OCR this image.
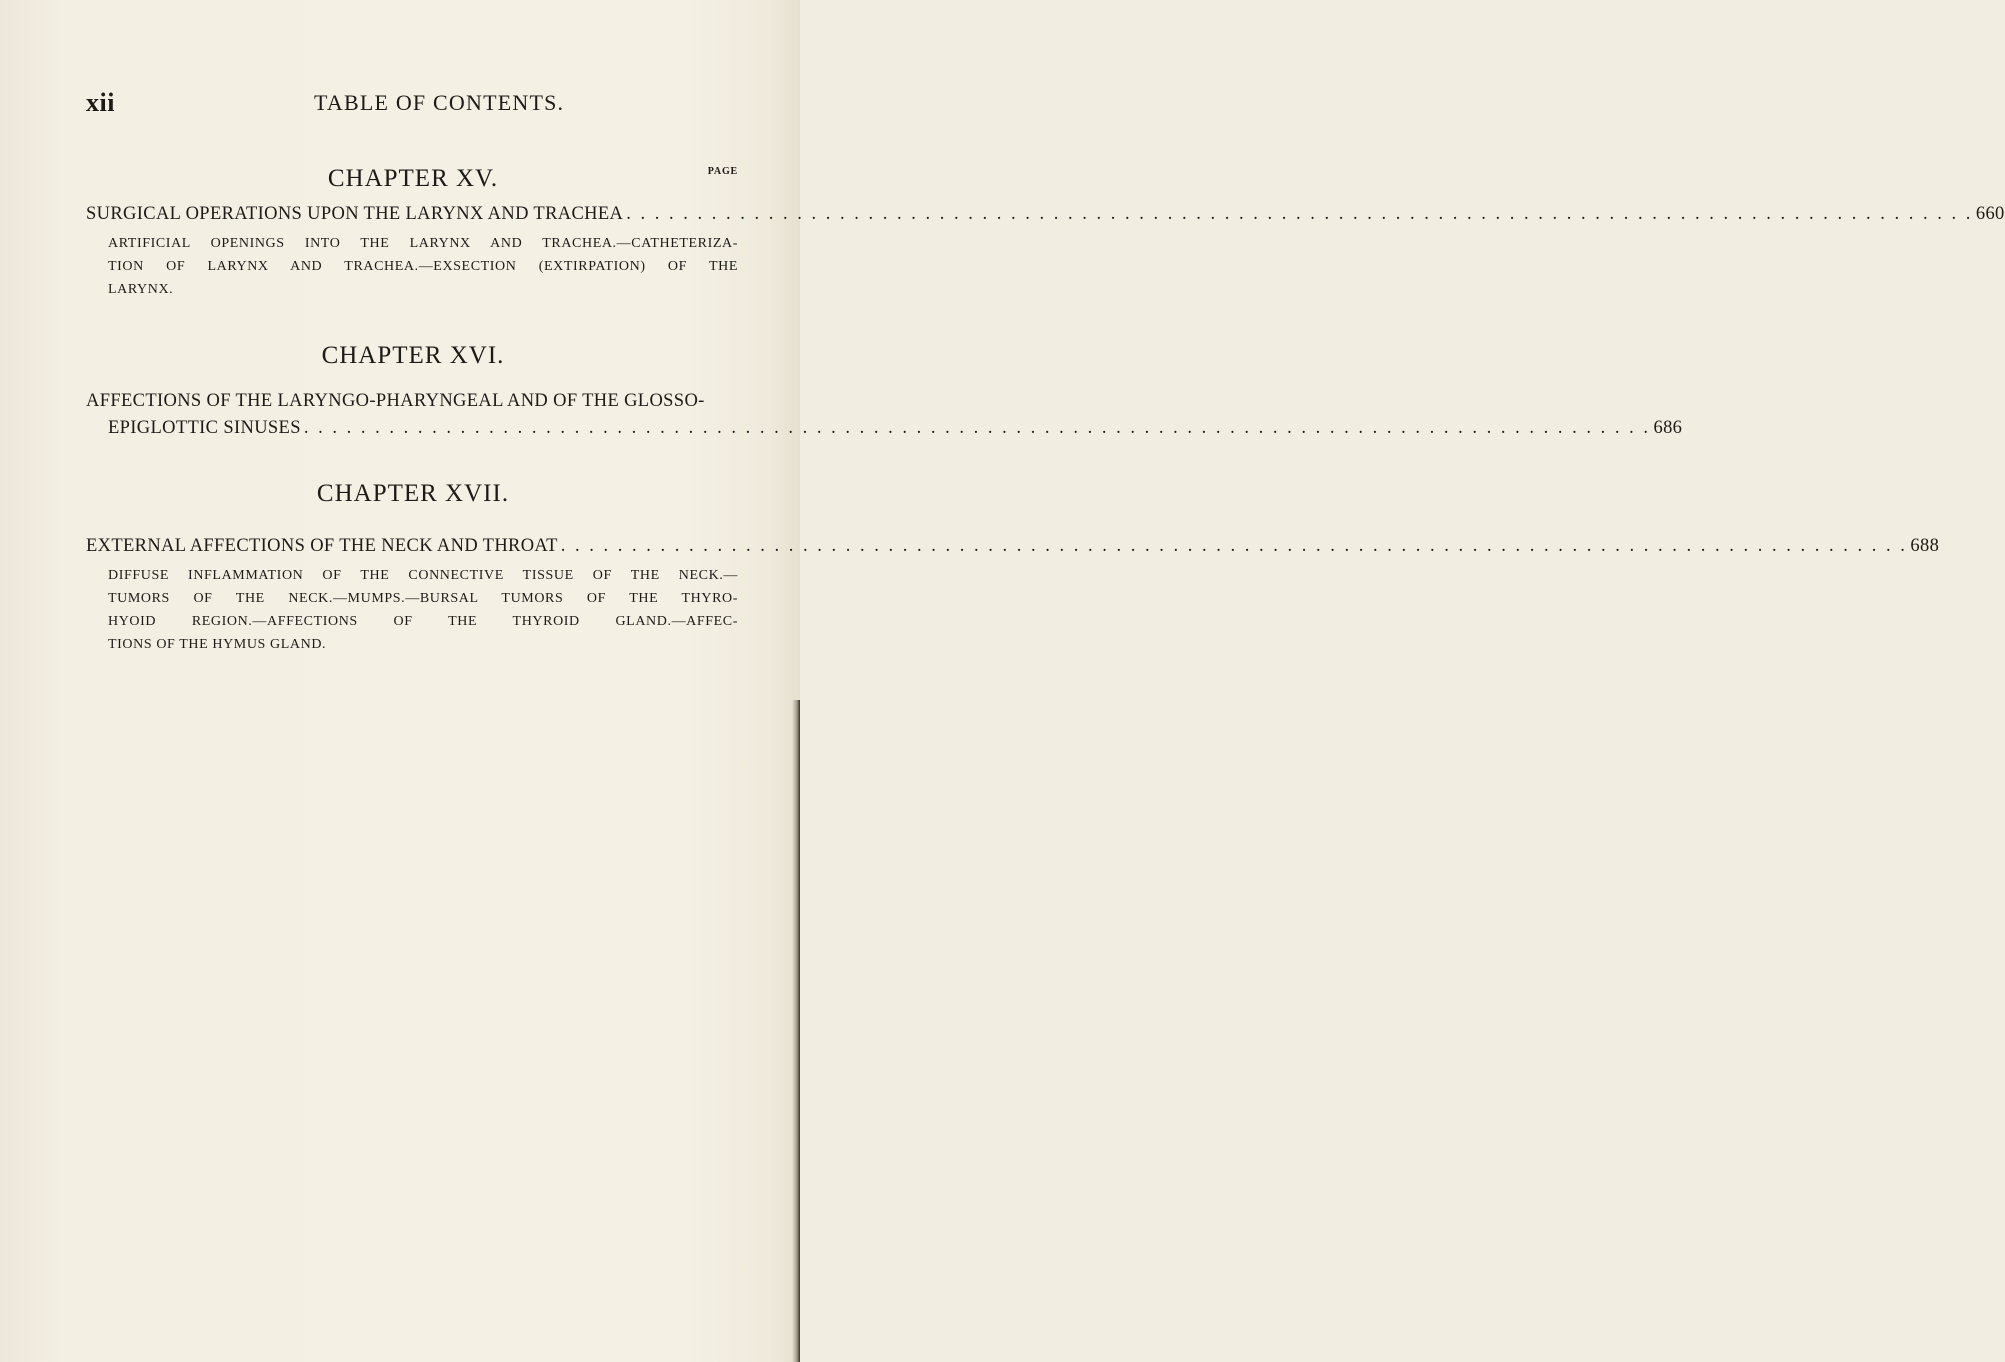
xii	TABLE OF CONTENTS.
CHAPTER XV.	PAGE
SURGICAL OPERATIONS UPON THE LARYNX AND TRACHEA . . . . . . . . . . . . . . . . . . . . . . . . . . . . . . . . . . . . . . . . . . . . . . . . . . . . . . . . . . . . . . . . . . . . . . . . . . . . . . . . . . . . . . . . . . . . . . . 660
ARTIFICIAL OPENINGS INTO THE LARYNX AND TRACHEA.—CATHETERIZA-
TION OF LARYNX AND TRACHEA.—EXSECTION (EXTIRPATION) OF THE
LARYNX.
CHAPTER XVI.
AFFECTIONS OF THE LARYNGO-PHARYNGEAL AND OF THE GLOSSO-
EPIGLOTTIC SINUSES . . . . . . . . . . . . . . . . . . . . . . . . . . . . . . . . . . . . . . . . . . . . . . . . . . . . . . . . . . . . . . . . . . . . . . . . . . . . . . . . . . . . . . . . . . . . . . . 686
CHAPTER XVII.
EXTERNAL AFFECTIONS OF THE NECK AND THROAT . . . . . . . . . . . . . . . . . . . . . . . . . . . . . . . . . . . . . . . . . . . . . . . . . . . . . . . . . . . . . . . . . . . . . . . . . . . . . . . . . . . . . . . . . . . . . . . 688
DIFFUSE INFLAMMATION OF THE CONNECTIVE TISSUE OF THE NECK.—
TUMORS OF THE NECK.—MUMPS.—BURSAL TUMORS OF THE THYRO-
HYOID REGION.—AFFECTIONS OF THE THYROID GLAND.—AFFEC-
TIONS OF THE HYMUS GLAND.
